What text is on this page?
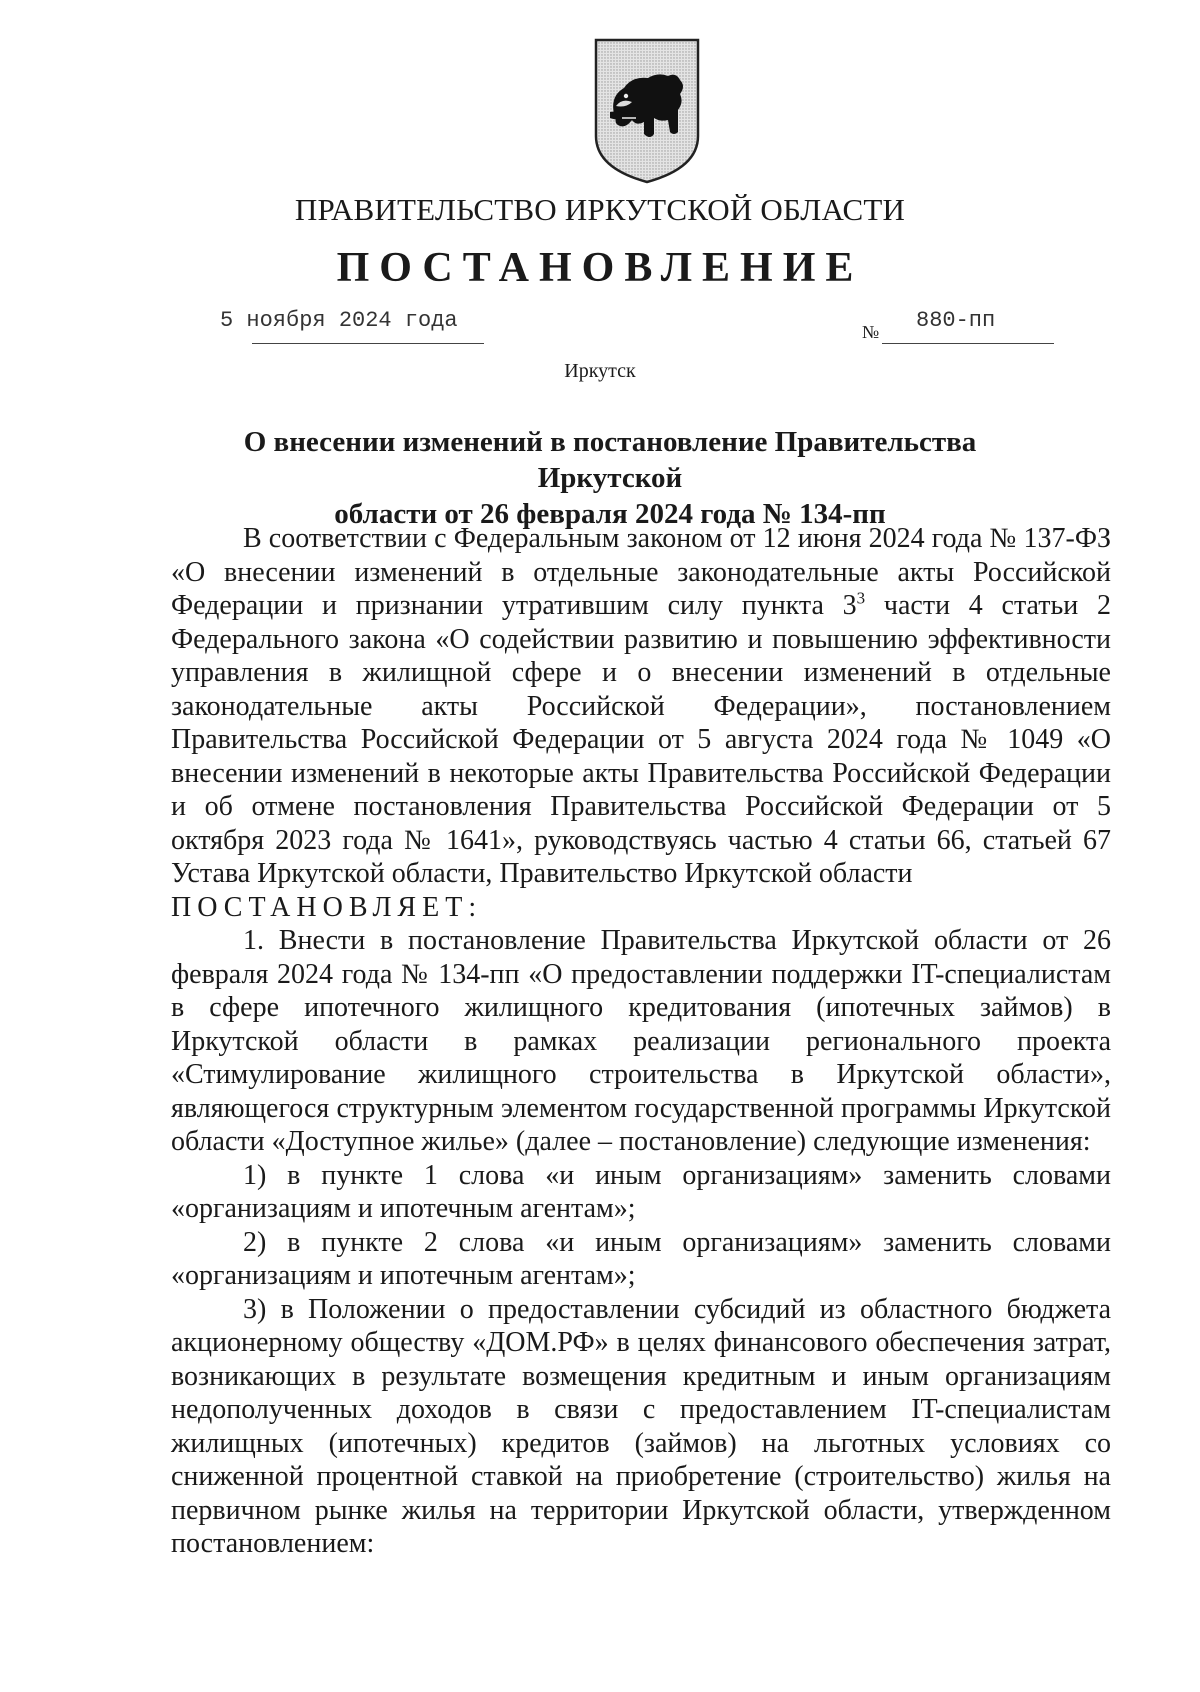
ПРАВИТЕЛЬСТВО ИРКУТСКОЙ ОБЛАСТИ
ПОСТАНОВЛЕНИЕ
5 ноября 2024 года	№ 880-пп
Иркутск
О внесении изменений в постановление Правительства Иркутской
области от 26 февраля 2024 года № 134-пп

В соответствии с Федеральным законом от 12 июня 2024 года № 137-ФЗ «О внесении изменений в отдельные законодательные акты Российской Федерации и признании утратившим силу пункта $3^3$ части 4 статьи 2 Федерального закона «О содействии развитию и повышению эффективности управления в жилищной сфере и о внесении изменений в отдельные законодательные акты Российской Федерации», постановлением Правительства Российской Федерации от 5 августа 2024 года № 1049 «О внесении изменений в некоторые акты Правительства Российской Федерации и об отмене постановления Правительства Российской Федерации от 5 октября 2023 года № 1641», руководствуясь частью 4 статьи 66, статьей 67 Устава Иркутской области, Правительство Иркутской области

ПОСТАНОВЛЯЕТ:

1. Внести в постановление Правительства Иркутской области от 26 февраля 2024 года № 134-пп «О предоставлении поддержки IT-специалистам в сфере ипотечного жилищного кредитования (ипотечных займов) в Иркутской области в рамках реализации регионального проекта «Стимулирование жилищного строительства в Иркутской области», являющегося структурным элементом государственной программы Иркутской области «Доступное жилье» (далее – постановление) следующие изменения:

1) в пункте 1 слова «и иным организациям» заменить словами «организациям и ипотечным агентам»;

2) в пункте 2 слова «и иным организациям» заменить словами «организациям и ипотечным агентам»;

3) в Положении о предоставлении субсидий из областного бюджета акционерному обществу «ДОМ.РФ» в целях финансового обеспечения затрат, возникающих в результате возмещения кредитным и иным организациям недополученных доходов в связи с предоставлением IT-специалистам жилищных (ипотечных) кредитов (займов) на льготных условиях со сниженной процентной ставкой на приобретение (строительство) жилья на первичном рынке жилья на территории Иркутской области, утвержденном постановлением:
